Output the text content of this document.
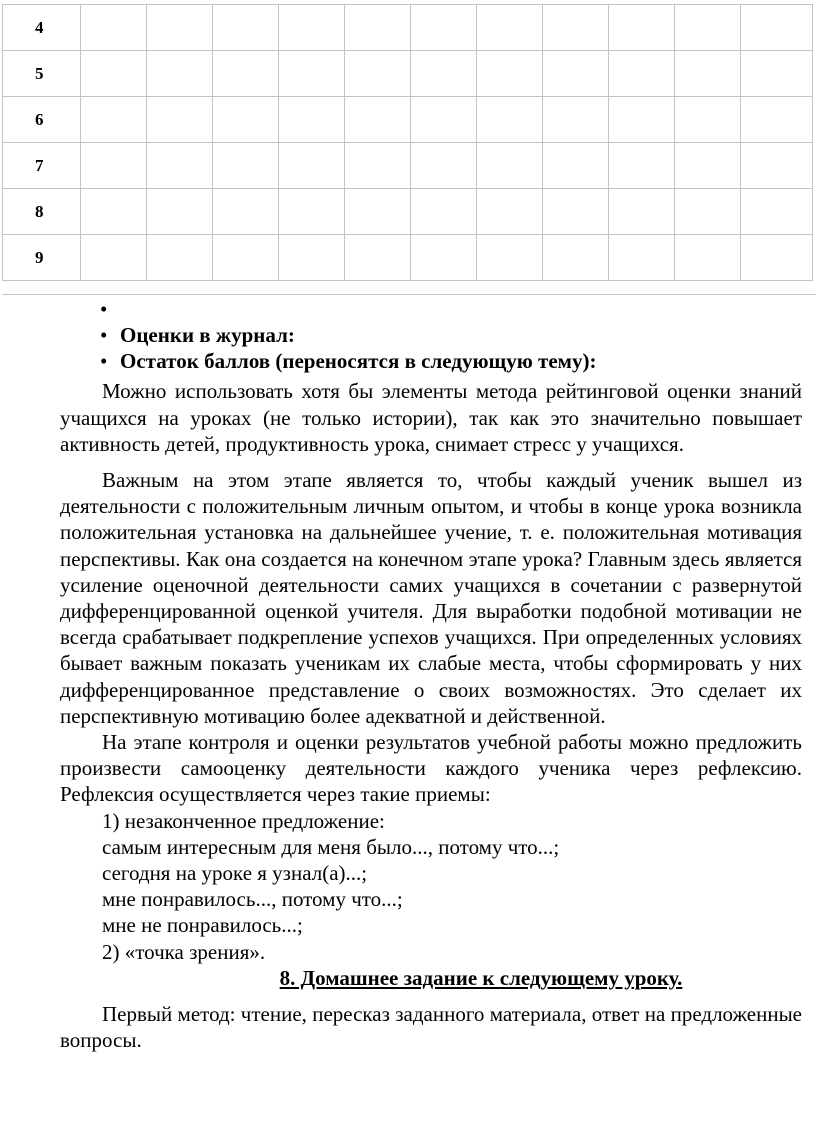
4											
5											
6											
7											
8											
9											
•
• Оценки в журнал:
• Остаток баллов (переносятся в следующую тему):

Можно использовать хотя бы элементы метода рейтинговой оценки знаний учащихся на уроках (не только истории), так как это значительно повышает активность детей, продуктивность урока, снимает стресс у учащихся.

Важным на этом этапе является то, чтобы каждый ученик вышел из деятельности с положительным личным опытом, и чтобы в конце урока возникла положительная установка на дальнейшее учение, т. е. положительная мотивация перспективы. Как она создается на конечном этапе урока? Главным здесь является усиление оценочной деятельности самих учащихся в сочетании с развернутой дифференцированной оценкой учителя. Для выработки подобной мотивации не всегда срабатывает подкрепление успехов учащихся. При определенных условиях бывает важным показать ученикам их слабые места, чтобы сформировать у них дифференцированное представление о своих возможностях. Это сделает их перспективную мотивацию более адекватной и действенной.

На этапе контроля и оценки результатов учебной работы можно предложить произвести самооценку деятельности каждого ученика через рефлексию. Рефлексия осуществляется через такие приемы:

1) незаконченное предложение:
самым интересным для меня было..., потому что...;
сегодня на уроке я узнал(а)...;
мне понравилось..., потому что...;
мне не понравилось...;
2) «точка зрения».

8. Домашнее задание к следующему уроку.

Первый метод: чтение, пересказ заданного материала, ответ на предложенные вопросы.
